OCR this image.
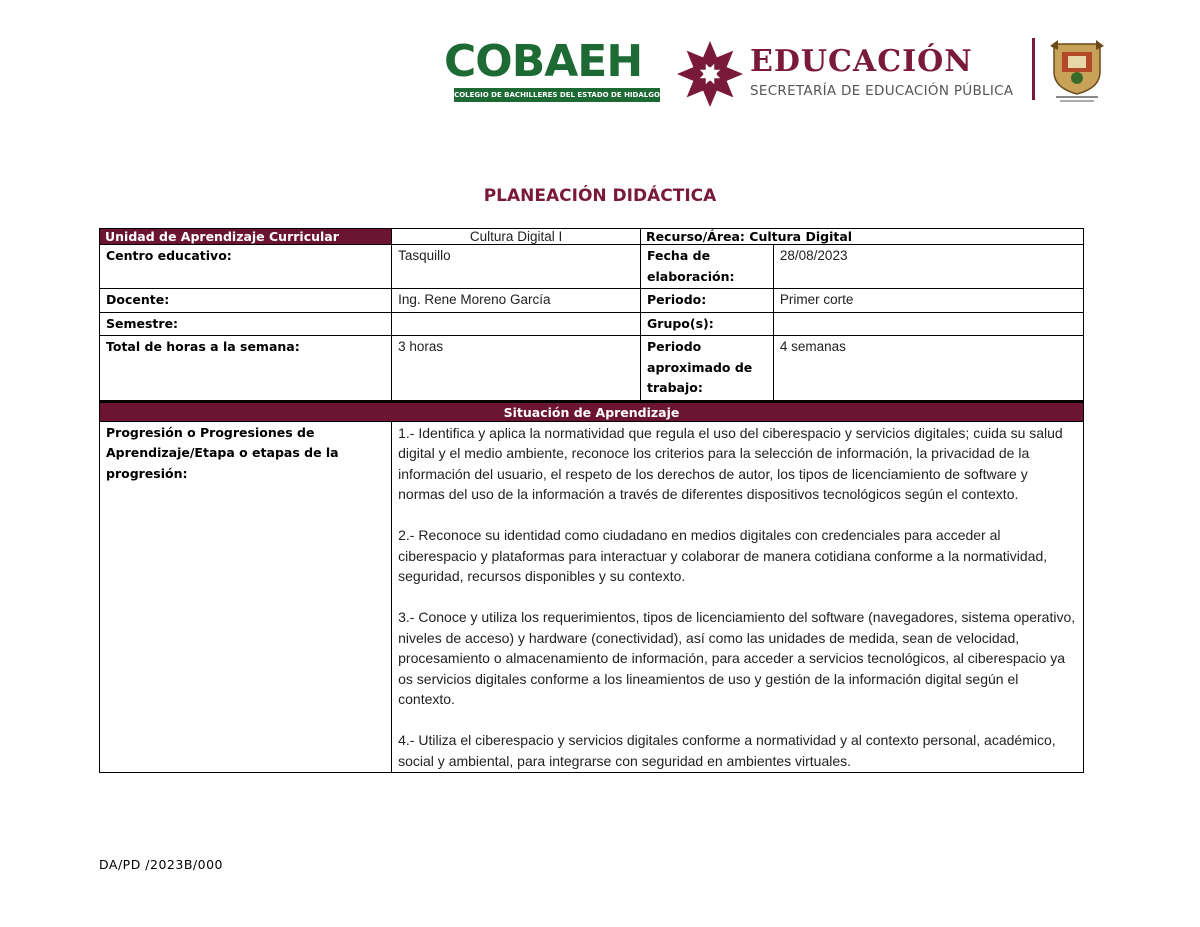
COBAEH
COLEGIO DE BACHILLERES DEL ESTADO DE HIDALGO
EDUCACIÓN
SECRETARÍA DE EDUCACIÓN PÚBLICA
PLANEACIÓN DIDÁCTICA
Unidad de Aprendizaje Curricular	Cultura Digital I	Recurso/Área: Cultura Digital	
Centro educativo:	Tasquillo	Fecha de elaboración:	28/08/2023
Docente:	Ing. Rene Moreno García	Periodo:	Primer corte
Semestre:		Grupo(s):	
Total de horas a la semana:	3 horas	Periodo aproximado de trabajo:	4 semanas
Situación de Aprendizaje			
Progresión o Progresiones de Aprendizaje/Etapa o etapas de la progresión:	1.- Identifica y aplica la normatividad que regula el uso del ciberespacio y servicios digitales; cuida su salud digital y el medio ambiente, reconoce los criterios para la selección de información, la privacidad de la información del usuario, el respeto de los derechos de autor, los tipos de licenciamiento de software y normas del uso de la información a través de diferentes dispositivos tecnológicos según el contexto.

2.- Reconoce su identidad como ciudadano en medios digitales con credenciales para acceder al ciberespacio y plataformas para interactuar y colaborar de manera cotidiana conforme a la normatividad, seguridad, recursos disponibles y su contexto.

3.- Conoce y utiliza los requerimientos, tipos de licenciamiento del software (navegadores, sistema operativo, niveles de acceso) y hardware (conectividad), así como las unidades de medida, sean de velocidad, procesamiento o almacenamiento de información, para acceder a servicios tecnológicos, al ciberespacio ya os servicios digitales conforme a los lineamientos de uso y gestión de la información digital según el contexto.

4.- Utiliza el ciberespacio y servicios digitales conforme a normatividad y al contexto personal, académico, social y ambiental, para integrarse con seguridad en ambientes virtuales.		

DA/PD /2023B/000
